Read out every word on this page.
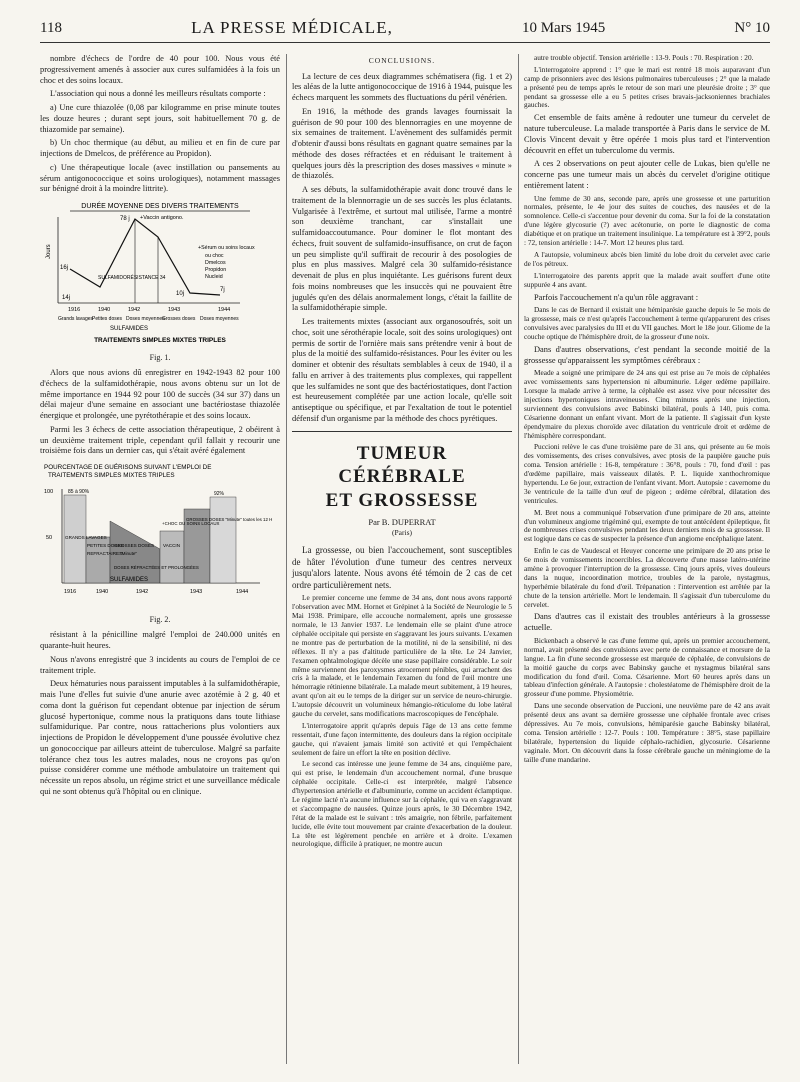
118	LA PRESSE MÉDICALE,	10 Mars 1945	N° 10

nombre d'échecs de l'ordre de 40 pour 100. Nous vous été progressivement amenés à associer aux cures sulfamidées à la fois un choc et des soins locaux.

L'association qui nous a donné les meilleurs résultats comporte :

a) Une cure thiazolée (0,08 par kilogramme en prise minute toutes les douze heures ; durant sept jours, soit habituellement 70 g. de thiazomide par semaine).

b) Un choc thermique (au début, au milieu et en fin de cure par injections de Dmelcos, de préférence au Propidon).

c) Une thérapeutique locale (avec instillation ou pansements au sérum antigonococcique et soins urologiques), notamment massages sur bénigné droit à la moindre littrite).

DURÉE MOYENNE DES DIVERS TRAITEMENTS
Jours
78 j +Vaccin antigono.
16j
SULFAMIDORÉSISTANCE 34
+Sérum ou soins locaux
ou choc
Dmelcos
Propidon
Nucleid
10j
14j
7j
1916	1940	1942	1943	1944
Grands lavages
Petites doses Doses moyennes
Grosses doses Doses moyennes
SULFAMIDES
TRAITEMENTS SIMPLES MIXTES TRIPLES
Fig. 1.

Alors que nous avions dû enregistrer en 1942-1943 82 pour 100 d'échecs de la sulfamidothérapie, nous avons obtenu sur un lot de même importance en 1944 92 pour 100 de succès (34 sur 37) dans un délai majeur d'une semaine en associant une bactériostase thiazolée énergique et prolongée, une pyrétothérapie et des soins locaux.

Parmi les 3 échecs de cette association thérapeutique, 2 obéirent à un deuxième traitement triple, cependant qu'il fallait y recourir une troisième fois dans un dernier cas, qui s'était avéré également

POURCENTAGE DE GUÉRISONS SUIVANT L'EMPLOI DE
TRAITEMENTS SIMPLES MIXTES TRIPLES
100
50
85 à 90%
GRANDS LAVAGES
PETITES DOSES
REFRACTAIRES
GROSSES DOSES
"Minute"
VACCIN
+CHOC OU SOINS LOCAUX
DOSES RÉFRACTÉES ET PROLONGÉES
GROSSES DOSES "Minute" toutes les 12 H
92%
SULFAMIDES
1916	1940	1942	1943	1944
Fig. 2.

résistant à la pénicilline malgré l'emploi de 240.000 unités en quarante-huit heures.

Nous n'avons enregistré que 3 incidents au cours de l'emploi de ce traitement triple.

Deux hématuries nous paraissent imputables à la sulfamidothérapie, mais l'une d'elles fut suivie d'une anurie avec azotémie à 2 g. 40 et coma dont la guérison fut cependant obtenue par injection de sérum glucosé hypertonique, comme nous la pratiquons dans toute lithiase sulfamidurique. Par contre, nous rattacherions plus volontiers aux injections de Propidon le développement d'une poussée évolutive chez un gonococcique par ailleurs atteint de tuberculose. Malgré sa parfaite tolérance chez tous les autres malades, nous ne croyons pas qu'on puisse considérer comme une méthode ambulatoire un traitement qui nécessite un repos absolu, un régime strict et une surveillance médicale qui ne sont obtenus qu'à l'hôpital ou en clinique.

CONCLUSIONS.

La lecture de ces deux diagrammes schématisera (fig. 1 et 2) les aléas de la lutte antigonococcique de 1916 à 1944, puisque les échecs marquent les sommets des fluctuations du péril vénérien.

En 1916, la méthode des grands lavages fournissait la guérison de 90 pour 100 des blennorragies en une moyenne de six semaines de traitement. L'avènement des sulfamidés permit d'obtenir d'aussi bons résultats en gagnant quatre semaines par la méthode des doses réfractées et en réduisant le traitement à quelques jours dès la prescription des doses massives « minute » de thiazolés.

A ses débuts, la sulfamidothérapie avait donc trouvé dans le traitement de la blennorragie un de ses succès les plus éclatants. Vulgarisée à l'extrême, et surtout mal utilisée, l'arme a montré son deuxième tranchant, car s'installait une sulfamidoaccoutumance. Pour dominer le flot montant des échecs, fruit souvent de sulfamido-insuffisance, on crut de façon un peu simpliste qu'il suffirait de recourir à des posologies de plus en plus massives. Malgré cela 30 sulfamido-résistance devenait de plus en plus inquiétante. Les guérisons furent deux fois moins nombreuses que les insuccès qui ne pouvaient être jugulés qu'en des délais anormalement longs, c'était la faillite de la sulfamidothérapie simple.

Les traitements mixtes (associant aux organosoufrés, soit un choc, soit une sérothérapie locale, soit des soins urologiques) ont permis de sortir de l'ornière mais sans prétendre venir à bout de plus de la moitié des sulfamido-résistances. Pour les éviter ou les dominer et obtenir des résultats semblables à ceux de 1940, il a fallu en arriver à des traitements plus complexes, qui rappellent que les sulfamides ne sont que des bactériostatiques, dont l'action est heureusement complétée par une action locale, qu'elle soit antiseptique ou spécifique, et par l'exaltation de tout le potentiel défensif d'un organisme par la méthode des chocs pyrétiques.

TUMEUR CÉRÉBRALE
ET GROSSESSE
Par B. DUPERRAT
(Paris)

La grossesse, ou bien l'accouchement, sont susceptibles de hâter l'évolution d'une tumeur des centres nerveux jusqu'alors latente. Nous avons été témoin de 2 cas de cet ordre particulièrement nets.

Le premier concerne une femme de 34 ans, dont nous avons rapporté l'observation avec MM. Hornet et Grépinet à la Société de Neurologie le 5 Mai 1938. Primipare, elle accouche normalement, après une grossesse normale, le 13 Janvier 1937. Le lendemain elle se plaint d'une atroce céphalée occipitale qui persiste en s'aggravant les jours suivants. L'examen ne montre pas de perturbation de la motilité, ni de la sensibilité, ni des réflexes. Il n'y a pas d'altitude particulière de la tête. Le 24 Janvier, l'examen ophtalmologique décèle une stase papillaire considérable. Le soir même surviennent des paroxysmes atrocement pénibles, qui arrachent des cris à la malade, et le lendemain l'examen du fond de l'œil montre une hémorragie rétinienne bilatérale. La malade meurt subitement, à 19 heures, avant qu'on ait eu le temps de la diriger sur un service de neuro-chirurgie. L'autopsie découvrit un volumineux hémangio-réticulome du lobe latéral gauche du cervelet, sans modifications macroscopiques de l'encéphale.

L'interrogatoire apprit qu'après depuis l'âge de 13 ans cette femme ressentait, d'une façon intermittente, des douleurs dans la région occipitale gauche, qui n'avaient jamais limité son activité et qui l'empêchaient seulement de faire un effort la tête en position déclive.

Le second cas intéresse une jeune femme de 34 ans, cinquième pare, qui est prise, le lendemain d'un accouchement normal, d'une brusque céphalée occipitale. Celle-ci est interprétée, malgré l'absence d'hypertension artérielle et d'albuminurie, comme un accident éclamptique. Le régime lacté n'a aucune influence sur la céphalée, qui va en s'aggravant et s'accompagne de nausées. Quinze jours après, le 30 Décembre 1942, l'état de la malade est le suivant : très amaigrie, non fébrile, parfaitement lucide, elle évite tout mouvement par crainte d'exacerbation de la douleur. La tête est légèrement penchée en arrière et à droite. L'examen neurologique, difficile à pratiquer, ne montre aucun

autre trouble objectif. Tension artérielle : 13-9. Pouls : 70. Respiration : 20.

L'interrogatoire apprend : 1° que le mari est rentré 18 mois auparavant d'un camp de prisonniers avec des lésions pulmonaires tuberculeuses ; 2° que la malade a présenté peu de temps après le retour de son mari une pleurésie droite ; 3° que pendant sa grossesse elle a eu 5 petites crises bravais-jacksoniennes brachiales gauches.

Cet ensemble de faits amène à redouter une tumeur du cervelet de nature tuberculeuse. La malade transportée à Paris dans le service de M. Clovis Vincent devait y être opérée 1 mois plus tard et l'intervention découvrit en effet un tuberculome du vermis.

A ces 2 observations on peut ajouter celle de Lukas, bien qu'elle ne concerne pas une tumeur mais un abcès du cervelet d'origine otitique entièrement latent :

Une femme de 30 ans, seconde pare, après une grossesse et une parturition normales, présente, le 4e jour des suites de couches, des nausées et de la somnolence. Celle-ci s'accentue pour devenir du coma. Sur la foi de la constatation d'une légère glycosurie (?) avec acétonurie, on porte le diagnostic de coma diabétique et on pratique un traitement insulinique. La température est à 39°2, pouls : 72, tension artérielle : 14-7. Mort 12 heures plus tard.

A l'autopsie, volumineux abcès bien limité du lobe droit du cervelet avec carie de l'os pétreux.

L'interrogatoire des parents apprit que la malade avait souffert d'une otite suppurée 4 ans avant.

Parfois l'accouchement n'a qu'un rôle aggravant :

Dans le cas de Bernard il existait une hémiparésie gauche depuis le 5e mois de la grossesse, mais ce n'est qu'après l'accouchement à terme qu'apparurent des crises convulsives avec paralysies du III et du VII gauches. Mort le 18e jour. Gliome de la couche optique de l'hémisphère droit, de la grosseur d'une noix.

Dans d'autres observations, c'est pendant la seconde moitié de la grossesse qu'apparaissent les symptômes cérébraux :

Meade a soigné une primipare de 24 ans qui est prise au 7e mois de céphalées avec vomissements sans hypertension ni albuminurie. Léger œdème papillaire. Lorsque la malade arrive à terme, la céphalée est assez vive pour nécessiter des injections hypertoniques intraveineuses. Cinq minutes après une injection, surviennent des convulsions avec Babinski bilatéral, pouls à 140, puis coma. Césarienne donnant un enfant vivant. Mort de la patiente. Il s'agissait d'un kyste épendymaire du plexus choroïde avec dilatation du ventricule droit et œdème de l'hémisphère correspondant.

Puccioni relève le cas d'une troisième pare de 31 ans, qui présente au 6e mois des vomissements, des crises convulsives, avec ptosis de la paupière gauche puis coma. Tension artérielle : 16-8, température : 36°8, pouls : 70, fond d'œil : pas d'œdème papillaire, mais vaisseaux dilatés. P. L. liquide xanthochromique hypertendu. Le 6e jour, extraction de l'enfant vivant. Mort. Autopsie : cavernome du 3e ventricule de la taille d'un œuf de pigeon ; œdème cérébral, dilatation des ventricules.

M. Bret nous a communiqué l'observation d'une primipare de 20 ans, atteinte d'un volumineux angiome trigéminé qui, exempte de tout antécédent épileptique, fit de nombreuses crises convulsives pendant les deux derniers mois de sa grossesse. Il est logique dans ce cas de suspecter la présence d'un angiome encéphalique latent.

Enfin le cas de Vaudescal et Heuyer concerne une primipare de 20 ans prise le 6e mois de vomissements incoercibles. La découverte d'une masse latéro-utérine amène à provoquer l'interruption de la grossesse. Cinq jours après, vives douleurs dans la nuque, incoordination motrice, troubles de la parole, nystagmus, hyperhémie bilatérale du fond d'œil. Trépanation : l'intervention est arrêtée par la chute de la tension artérielle. Mort le lendemain. Il s'agissait d'un tuberculome du cervelet.

Dans d'autres cas il existait des troubles antérieurs à la grossesse actuelle.

Bickenbach a observé le cas d'une femme qui, après un premier accouchement, normal, avait présenté des convulsions avec perte de connaissance et morsure de la langue. La fin d'une seconde grossesse est marquée de céphalée, de convulsions de la moitié gauche du corps avec Babinsky gauche et nystagmus bilatéral sans modification du fond d'œil. Coma. Césarienne. Mort 60 heures après dans un tableau d'infection générale. A l'autopsie : cholestéatome de l'hémisphère droit de la grosseur d'une pomme. Physiométrie.

Dans une seconde observation de Puccioni, une neuvième pare de 42 ans avait présenté deux ans avant sa dernière grossesse une céphalée frontale avec crises dépressives. Au 7e mois, convulsions, hémiparésie gauche Babinsky bilatéral, coma. Tension artérielle : 12-7. Pouls : 100. Température : 38°5, stase papillaire bilatérale, hypertension du liquide céphalo-rachidien, glycosurie. Césarienne vaginale. Mort. On découvrit dans la fosse cérébrale gauche un méningiome de la taille d'une mandarine.
